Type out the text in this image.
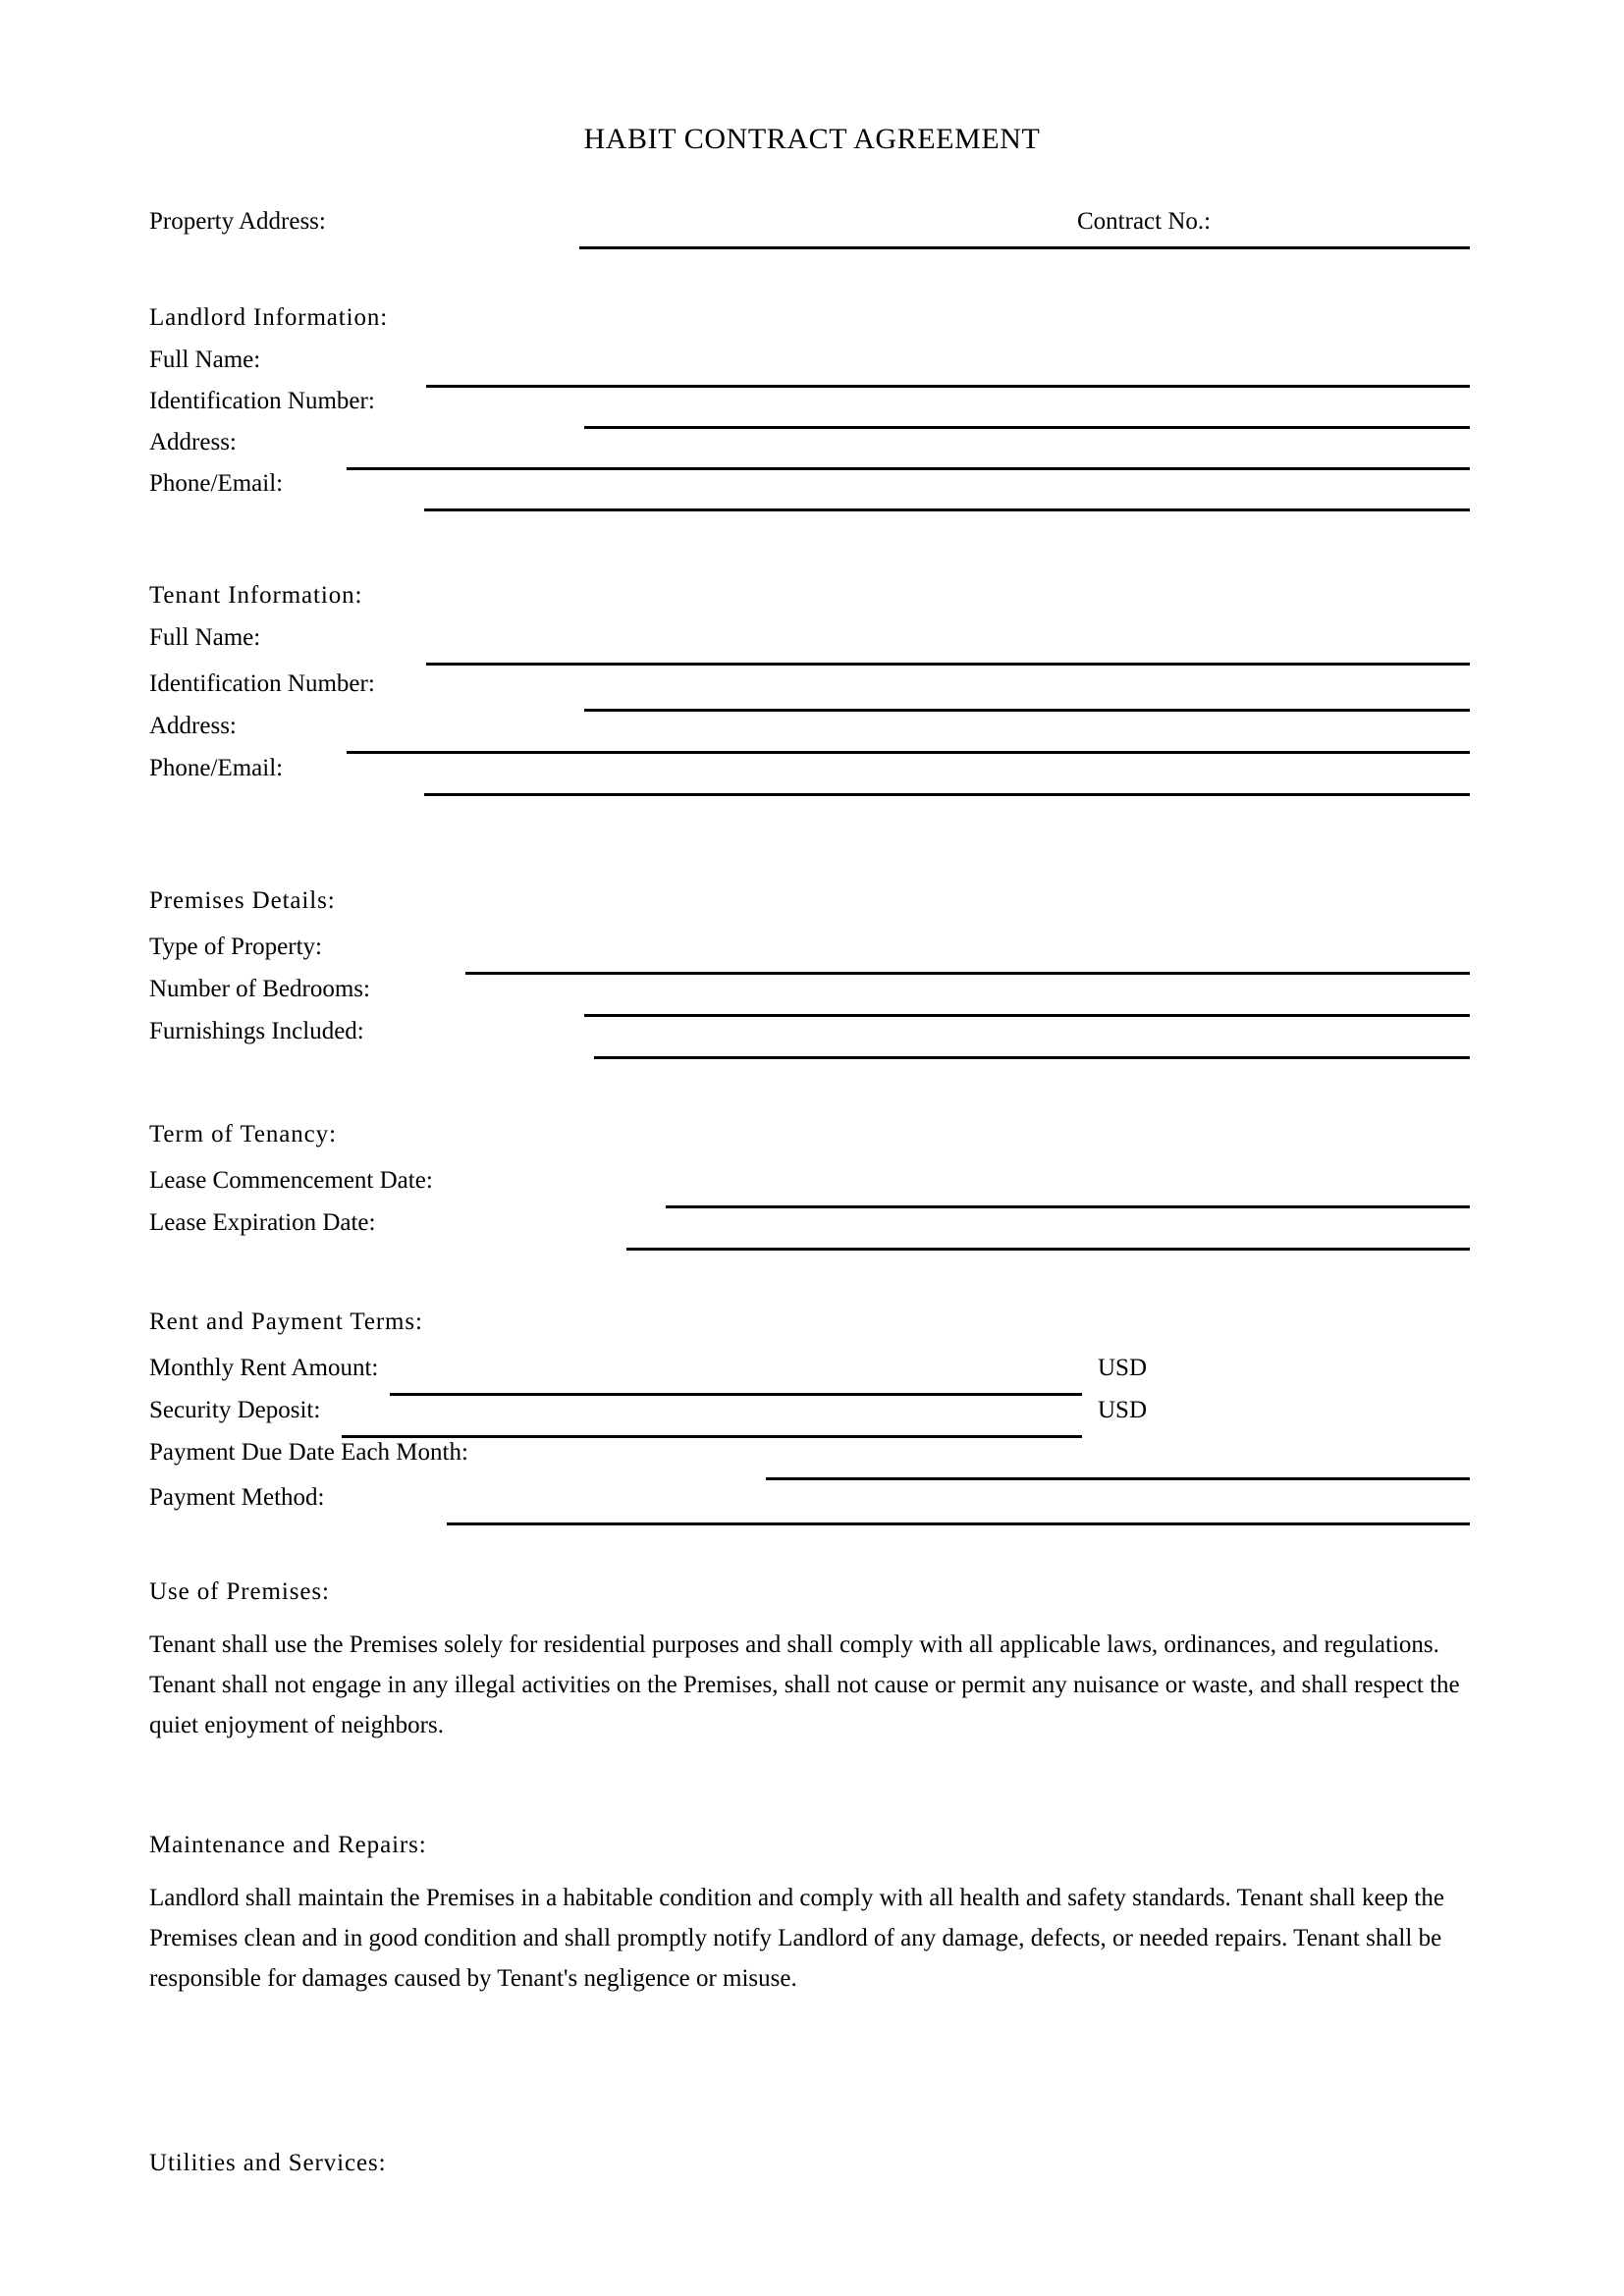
HABIT CONTRACT AGREEMENT
Property Address:	Contract No.:
Landlord Information:
Full Name:
Identification Number:
Address:
Phone/Email:
Tenant Information:
Full Name:
Identification Number:
Address:
Phone/Email:
Premises Details:
Type of Property:
Number of Bedrooms:
Furnishings Included:
Term of Tenancy:
Lease Commencement Date:
Lease Expiration Date:
Rent and Payment Terms:
Monthly Rent Amount:	USD
Security Deposit:	USD
Payment Due Date Each Month:
Payment Method:
Use of Premises:
Tenant shall use the Premises solely for residential purposes and shall comply with all applicable laws, ordinances, and regulations. Tenant shall not engage in any illegal activities on the Premises, shall not cause or permit any nuisance or waste, and shall respect the quiet enjoyment of neighbors.
Maintenance and Repairs:
Landlord shall maintain the Premises in a habitable condition and comply with all health and safety standards. Tenant shall keep the Premises clean and in good condition and shall promptly notify Landlord of any damage, defects, or needed repairs. Tenant shall be responsible for damages caused by Tenant's negligence or misuse.
Utilities and Services:
